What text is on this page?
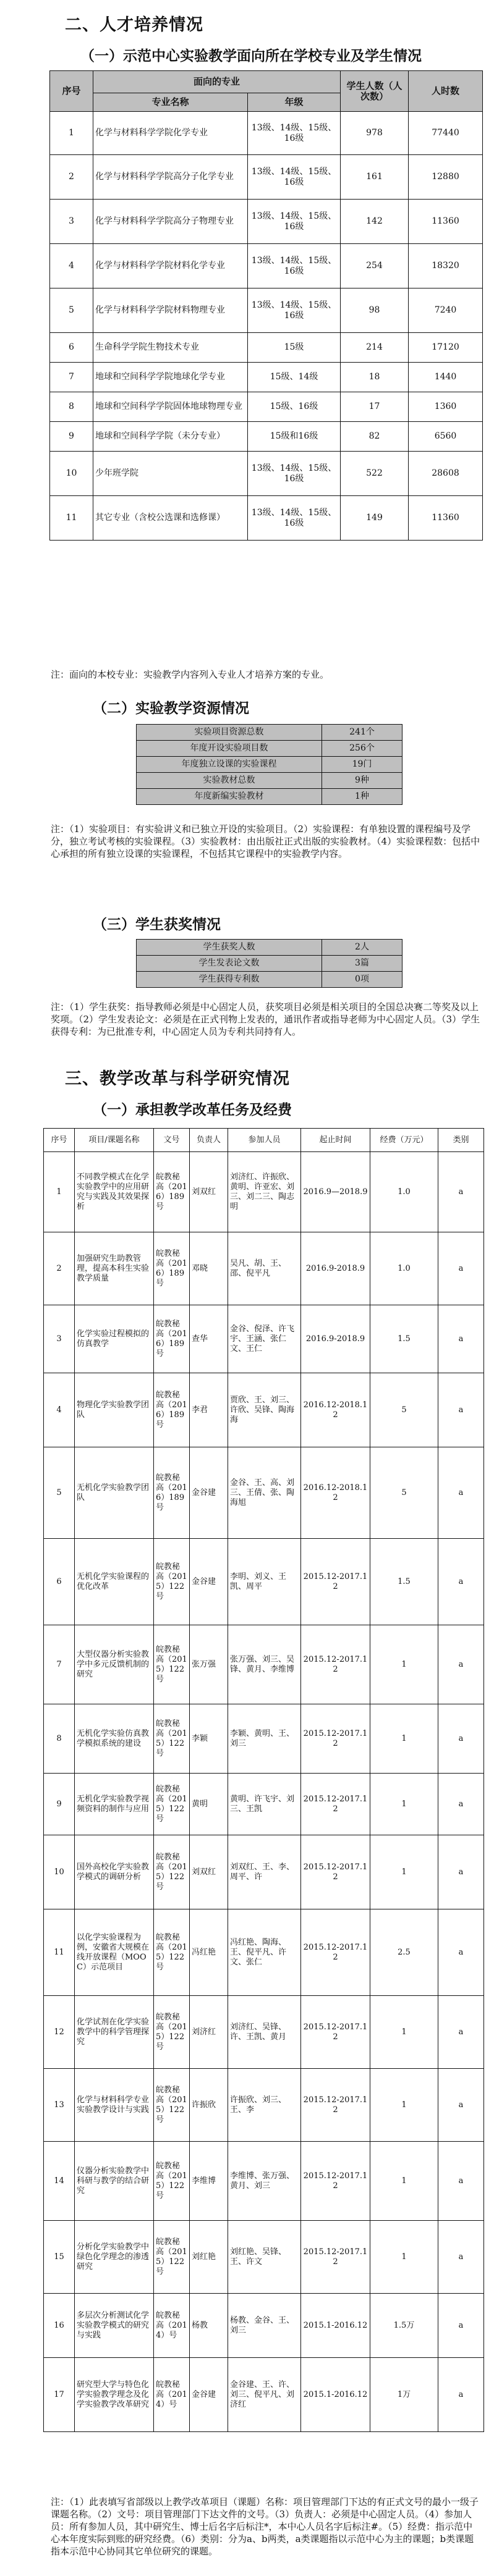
二、人才培养情况
（一）示范中心实验教学面向所在学校专业及学生情况
序号	面向的专业		学生人数（人次数）	人时数
	专业名称	年级		
1	化学与材料科学学院化学专业	13级、14级、15级、16级	978	77440
2	化学与材料科学学院高分子化学专业	13级、14级、15级、16级	161	12880
3	化学与材料科学学院高分子物理专业	13级、14级、15级、16级	142	11360
4	化学与材料科学学院材料化学专业	13级、14级、15级、16级	254	18320
5	化学与材料科学学院材料物理专业	13级、14级、15级、16级	98	7240
6	生命科学学院生物技术专业	15级	214	17120
7	地球和空间科学学院地球化学专业	15级、14级	18	1440
8	地球和空间科学学院固体地球物理专业	15级、16级	17	1360
9	地球和空间科学学院（未分专业）	15级和16级	82	6560
10	少年班学院	13级、14级、15级、16级	522	28608
11	其它专业（含校公选课和选修课）	13级、14级、15级、16级	149	11360

注：面向的本校专业：实验教学内容列入专业人才培养方案的专业。

（二）实验教学资源情况
实验项目资源总数	241个
年度开设实验项目数	256个
年度独立设课的实验课程	19门
实验教材总数	9种
年度新编实验教材	1种

注：（1）实验项目：有实验讲义和已独立开设的实验项目。（2）实验课程：有单独设置的课程编号及学分，独立考试考核的实验课程。（3）实验教材：由出版社正式出版的实验教材。（4）实验课程数：包括中心承担的所有独立设课的实验课程，不包括其它课程中的实验教学内容。

（三）学生获奖情况
学生获奖人数	2人
学生发表论文数	3篇
学生获得专利数	0项

注：（1）学生获奖：指导教师必须是中心固定人员，获奖项目必须是相关项目的全国总决赛二等奖及以上奖项。（2）学生发表论文：必须是在正式刊物上发表的，通讯作者或指导老师为中心固定人员。（3）学生获得专利：为已批准专利，中心固定人员为专利共同持有人。

三、教学改革与科学研究情况
（一）承担教学改革任务及经费
序号	项目/课题名称	文号	负责人	参加人员	起止时间	经费（万元）	类别
1	不同教学模式在化学实验教学中的应用研究与实践及其效果探析	皖教秘高（2016）189号	刘双红	刘济红、许振欣、黄明、许亚宏、刘三、刘二三、陶志明	2016.9—2018.9	1.0	a
2	加强研究生助教管理，提高本科生实验教学质量	皖教秘高（2016）189号	邓晓	吴凡、胡、王、邵、倪平凡	2016.9-2018.9	1.0	a
3	化学实验过程模拟的仿真教学	皖教秘高（2016）189号	查华	金谷、倪泽、许飞宇、王涵、张仁文、王仁	2016.9-2018.9	1.5	a
4	物理化学实验教学团队	皖教秘高（2016）189号	李君	贾欣、王、刘三、许欣、吴锋、陶海海	2016.12-2018.12	5	a
5	无机化学实验教学团队	皖教秘高（2016）189号	金谷建	金谷、王、高、刘三、王倩、张、陶海旭	2016.12-2018.12	5	a
6	无机化学实验课程的优化改革	皖教秘高（2015）122号	金谷建	李明、刘义、王凯、周平	2015.12-2017.12	1.5	a
7	大型仪器分析实验教学中多元反馈机制的研究	皖教秘高（2015）122号	张万强	张万强、刘三、吴锋、黄月、李维博	2015.12-2017.12	1	a
8	无机化学实验仿真教学模拟系统的建设	皖教秘高（2015）122号	李颖	李颖、黄明、王、刘三	2015.12-2017.12	1	a
9	无机化学实验教学视频资料的制作与应用	皖教秘高（2015）122号	黄明	黄明、许飞宇、刘三、王凯	2015.12-2017.12	1	a
10	国外高校化学实验教学模式的调研分析	皖教秘高（2015）122号	刘双红	刘双红、王、李、周平、许	2015.12-2017.12	1	a
11	以化学实验课程为例，安徽省大规模在线开放课程（MOOC）示范项目	皖教秘高（2015）122号	冯红艳	冯红艳、陶海、王、倪平凡、许文、张仁	2015.12-2017.12	2.5	a
12	化学试剂在化学实验教学中的科学管理探究	皖教秘高（2015）122号	刘济红	刘济红、吴锋、许、王凯、黄月	2015.12-2017.12	1	a
13	化学与材料科学专业实验教学设计与实践	皖教秘高（2015）122号	许振欣	许振欣、刘三、王、李	2015.12-2017.12	1	a
14	仪器分析实验教学中科研与教学的结合研究	皖教秘高（2015）122号	李维博	李维博、张万强、黄月、刘三	2015.12-2017.12	1	a
15	分析化学实验教学中绿色化学理念的渗透研究	皖教秘高（2015）122号	刘红艳	刘红艳、吴锋、王、许文	2015.12-2017.12	1	a
16	多层次分析测试化学实验教学模式的研究与实践	皖教秘高（2014）号	杨教	杨教、金谷、王、刘三	2015.1-2016.12	1.5万	a
17	研究型大学与特色化学实验教学理念及化学实验教学改革研究	皖教秘高（2014）号	金谷建	金谷建、王、许、刘三、倪平凡、刘济红	2015.1-2016.12	1万	a

注：（1）此表填写省部级以上教学改革项目（课题）名称：项目管理部门下达的有正式文号的最小一级子课题名称。（2）文号：项目管理部门下达文件的文号。（3）负责人：必须是中心固定人员。（4）参加人员：所有参加人员，其中研究生、博士后名字后标注*，本中心人员名字后标注#。（5）经费：指示范中心本年度实际到账的研究经费。（6）类别：分为a、b两类，a类课题指以示范中心为主的课题；b类课题指本示范中心协同其它单位研究的课题。
